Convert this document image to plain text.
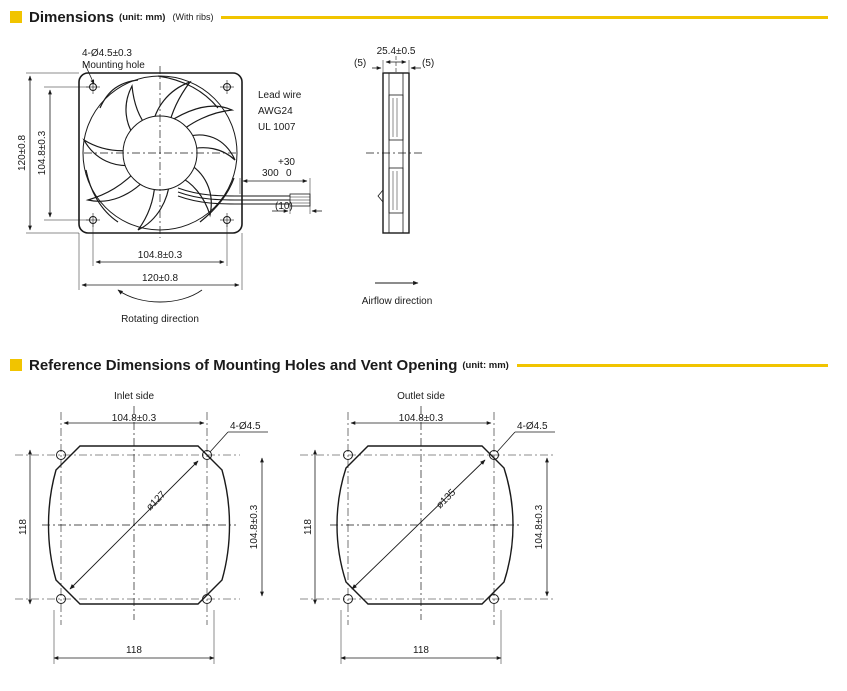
Dimensions (unit: mm) (With ribs)
Reference Dimensions of Mounting Holes and Vent Opening (unit: mm)
4-Ø4.5±0.3
Mounting hole
Lead wire
AWG24
UL 1007
+30
300 0
(10)
120±0.8 104.8±0.3
104.8±0.3
120±0.8
Rotating direction
25.4±0.5
(5)	(5)
Airflow direction
Inlet side
104.8±0.3
4-Ø4.5
ø127
118	104.8±0.3
118
Outlet side
104.8±0.3
4-Ø4.5
ø135
118	104.8±0.3
118
